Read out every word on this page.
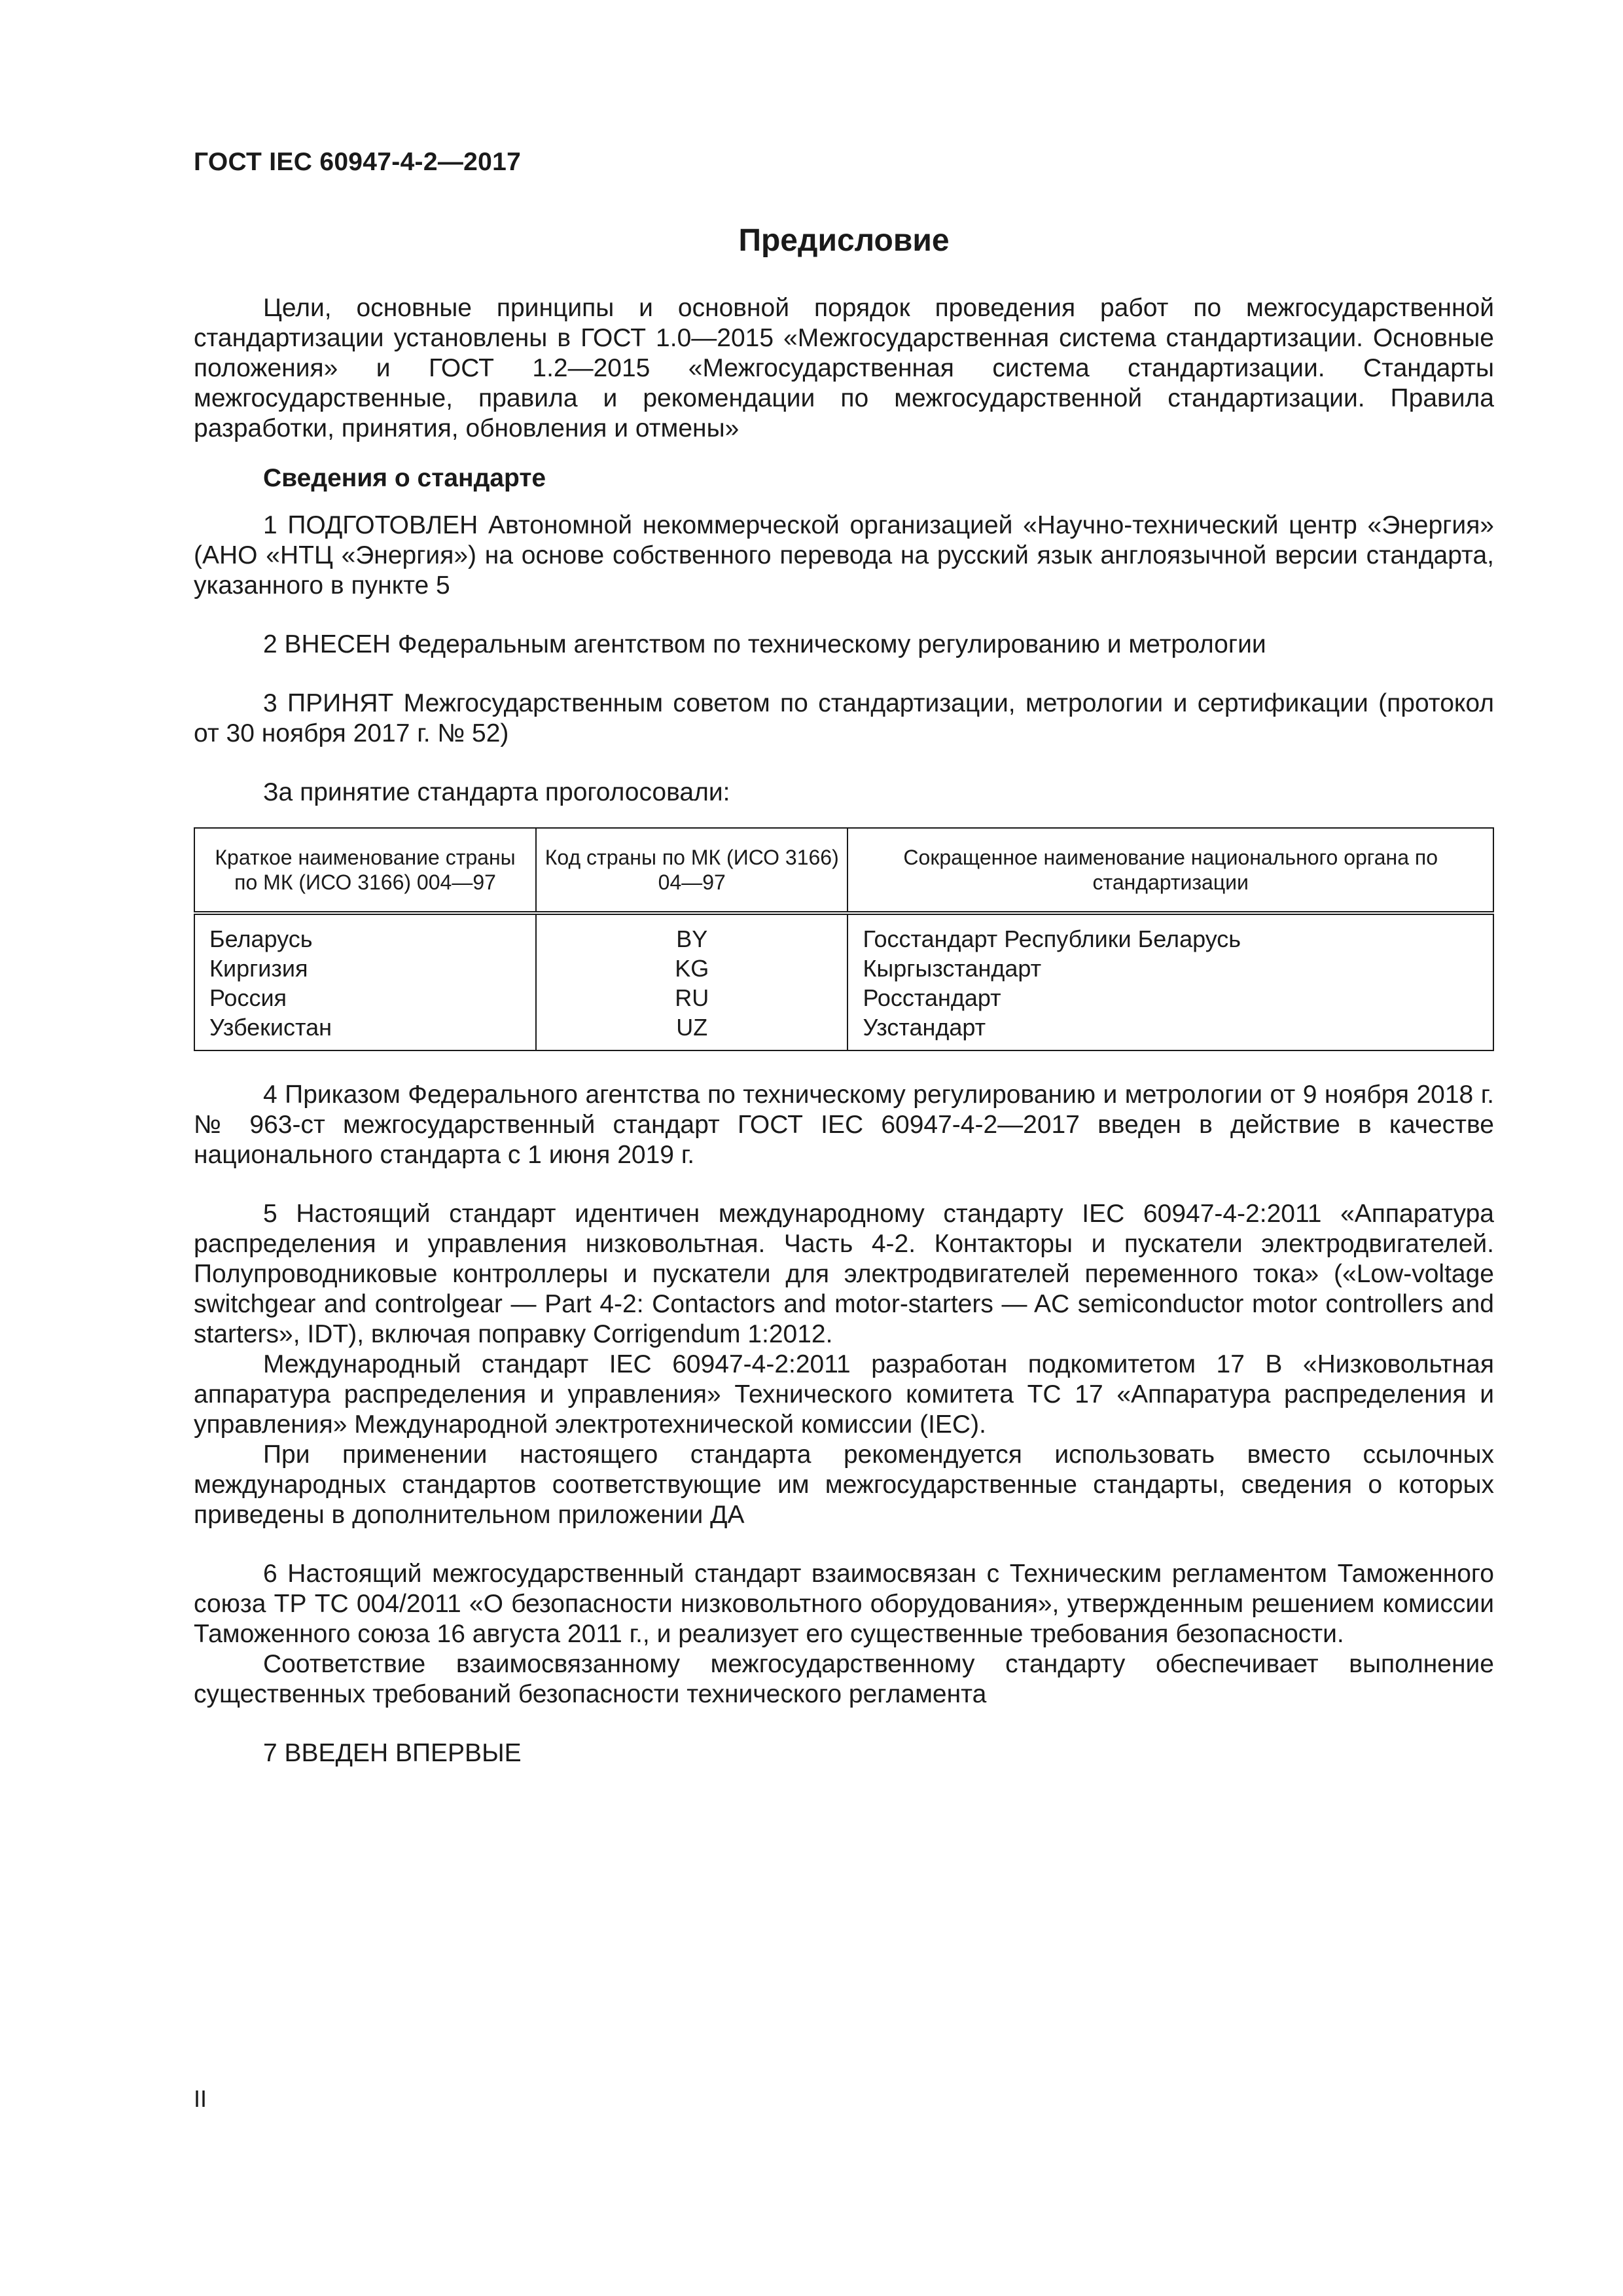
ГОСТ IEC 60947-4-2—2017
Предисловие

Цели, основные принципы и основной порядок проведения работ по межгосударственной стандартизации установлены в ГОСТ 1.0—2015 «Межгосударственная система стандартизации. Основные положения» и ГОСТ 1.2—2015 «Межгосударственная система стандартизации. Стандарты межгосударственные, правила и рекомендации по межгосударственной стандартизации. Правила разработки, принятия, обновления и отмены»

Сведения о стандарте

1 ПОДГОТОВЛЕН Автономной некоммерческой организацией «Научно-технический центр «Энергия» (АНО «НТЦ «Энергия») на основе собственного перевода на русский язык англоязычной версии стандарта, указанного в пункте 5

2 ВНЕСЕН Федеральным агентством по техническому регулированию и метрологии

3 ПРИНЯТ Межгосударственным советом по стандартизации, метрологии и сертификации (протокол от 30 ноября 2017 г. № 52)

За принятие стандарта проголосовали:

Краткое наименование страны по МК (ИСО 3166) 004—97	Код страны по МК (ИСО 3166) 04—97	Сокращенное наименование национального органа по стандартизации
Беларусь	BY	Госстандарт Республики Беларусь
Киргизия	KG	Кыргызстандарт
Россия	RU	Росстандарт
Узбекистан	UZ	Узстандарт

4 Приказом Федерального агентства по техническому регулированию и метрологии от 9 ноября 2018 г. № 963-ст межгосударственный стандарт ГОСТ IEC 60947-4-2—2017 введен в действие в качестве национального стандарта с 1 июня 2019 г.

5 Настоящий стандарт идентичен международному стандарту IEC 60947-4-2:2011 «Аппаратура распределения и управления низковольтная. Часть 4-2. Контакторы и пускатели электродвигателей. Полупроводниковые контроллеры и пускатели для электродвигателей переменного тока» («Low-voltage switchgear and controlgear — Part 4-2: Contactors and motor-starters — AC semiconductor motor controllers and starters», IDT), включая поправку Corrigendum 1:2012.

Международный стандарт IEC 60947-4-2:2011 разработан подкомитетом 17 В «Низковольтная аппаратура распределения и управления» Технического комитета ТС 17 «Аппаратура распределения и управления» Международной электротехнической комиссии (IEC).

При применении настоящего стандарта рекомендуется использовать вместо ссылочных международных стандартов соответствующие им межгосударственные стандарты, сведения о которых приведены в дополнительном приложении ДА

6 Настоящий межгосударственный стандарт взаимосвязан с Техническим регламентом Таможенного союза ТР ТС 004/2011 «О безопасности низковольтного оборудования», утвержденным решением комиссии Таможенного союза 16 августа 2011 г., и реализует его существенные требования безопасности.

Соответствие взаимосвязанному межгосударственному стандарту обеспечивает выполнение существенных требований безопасности технического регламента

7 ВВЕДЕН ВПЕРВЫЕ

II
